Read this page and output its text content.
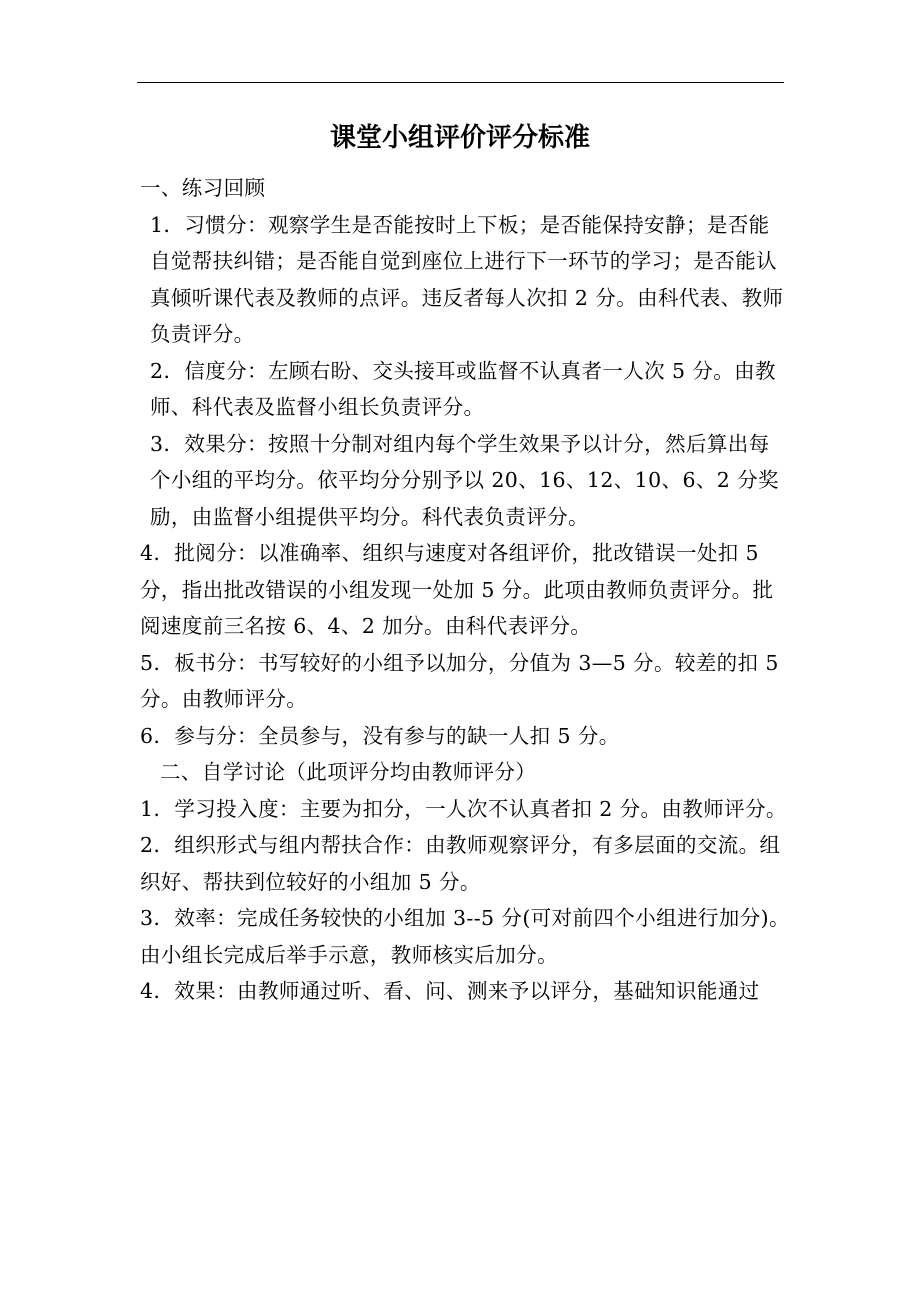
课堂小组评价评分标准

一、练习回顾

1．习惯分：观察学生是否能按时上下板；是否能保持安静；是否能自觉帮扶纠错；是否能自觉到座位上进行下一环节的学习；是否能认真倾听课代表及教师的点评。违反者每人次扣 2 分。由科代表、教师负责评分。

2．信度分：左顾右盼、交头接耳或监督不认真者一人次 5 分。由教师、科代表及监督小组长负责评分。

3．效果分：按照十分制对组内每个学生效果予以计分，然后算出每个小组的平均分。依平均分分别予以 20、16、12、10、6、2 分奖励，由监督小组提供平均分。科代表负责评分。

4．批阅分：以准确率、组织与速度对各组评价，批改错误一处扣 5 分，指出批改错误的小组发现一处加 5 分。此项由教师负责评分。批阅速度前三名按 6、4、2 加分。由科代表评分。

5．板书分：书写较好的小组予以加分，分值为 3—5 分。较差的扣 5 分。由教师评分。

6．参与分：全员参与，没有参与的缺一人扣 5 分。

二、自学讨论（此项评分均由教师评分）

1．学习投入度：主要为扣分，一人次不认真者扣 2 分。由教师评分。

2．组织形式与组内帮扶合作：由教师观察评分，有多层面的交流。组织好、帮扶到位较好的小组加 5 分。

3．效率：完成任务较快的小组加 3--5 分(可对前四个小组进行加分)。由小组长完成后举手示意，教师核实后加分。

4．效果：由教师通过听、看、问、测来予以评分，基础知识能通过
